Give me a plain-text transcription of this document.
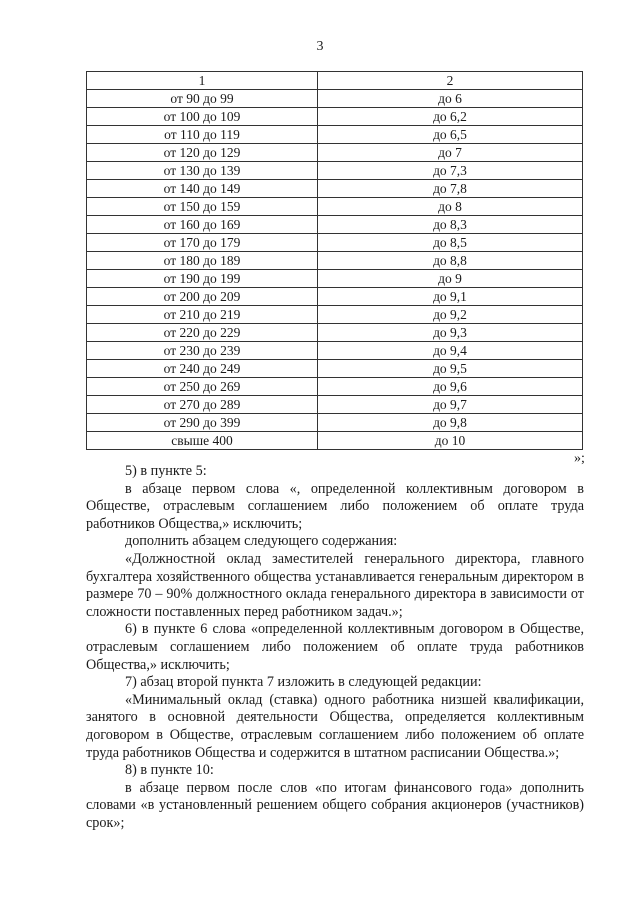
3
1	2
от 90 до 99	до 6
от 100 до 109	до 6,2
от 110 до 119	до 6,5
от 120 до 129	до 7
от 130 до 139	до 7,3
от 140 до 149	до 7,8
от 150 до 159	до 8
от 160 до 169	до 8,3
от 170 до 179	до 8,5
от 180 до 189	до 8,8
от 190 до 199	до 9
от 200 до 209	до 9,1
от 210 до 219	до 9,2
от 220 до 229	до 9,3
от 230 до 239	до 9,4
от 240 до 249	до 9,5
от 250 до 269	до 9,6
от 270 до 289	до 9,7
от 290 до 399	до 9,8
свыше 400	до 10
»;

5) в пункте 5:

в абзаце первом слова «, определенной коллективным договором в Обществе, отраслевым соглашением либо положением об оплате труда работников Общества,» исключить;

дополнить абзацем следующего содержания:

«Должностной оклад заместителей генерального директора, главного бухгалтера хозяйственного общества устанавливается генеральным директором в размере 70 – 90% должностного оклада генерального директора в зависимости от сложности поставленных перед работником задач.»;

6) в пункте 6 слова «определенной коллективным договором в Обществе, отраслевым соглашением либо положением об оплате труда работников Общества,» исключить;

7) абзац второй пункта 7 изложить в следующей редакции:

«Минимальный оклад (ставка) одного работника низшей квалификации, занятого в основной деятельности Общества, определяется коллективным договором в Обществе, отраслевым соглашением либо положением об оплате труда работников Общества и содержится в штатном расписании Общества.»;

8) в пункте 10:

в абзаце первом после слов «по итогам финансового года» дополнить словами «в установленный решением общего собрания акционеров (участников) срок»;
